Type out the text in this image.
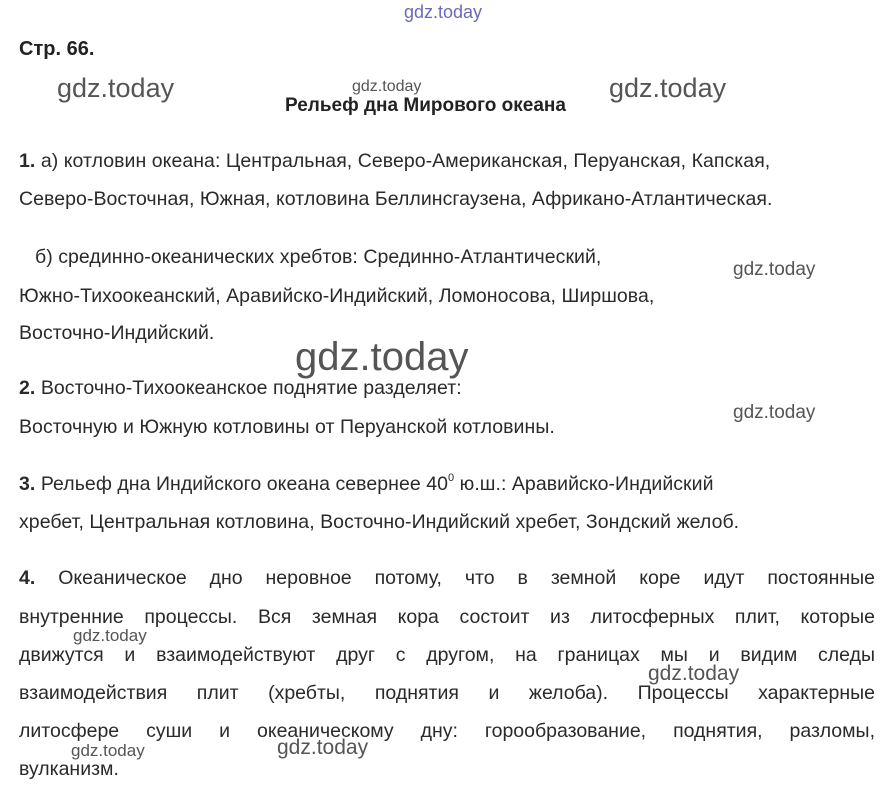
gdz.today
gdz.today	gdz.today	gdz.today
gdz.today
gdz.today
gdz.today
gdz.today
gdz.today
gdz.today	gdz.today
Стр. 66.
Рельеф дна Мирового океана
1. а) котловин океана: Центральная, Северо-Американская, Перуанская, Капская,
Северо-Восточная, Южная, котловина Беллинсгаузена, Африкано-Атлантическая.
б) срединно-океанических хребтов: Срединно-Атлантический,
Южно-Тихоокеанский, Аравийско-Индийский, Ломоносова, Ширшова,
Восточно-Индийский.
2. Восточно-Тихоокеанское поднятие разделяет:
Восточную и Южную котловины от Перуанской котловины.
3. Рельеф дна Индийского океана севернее $40^0$ ю.ш.: Аравийско-Индийский
хребет, Центральная котловина, Восточно-Индийский хребет, Зондский желоб.
4. Океаническое дно неровное потому, что в земной коре идут постоянные
внутренние процессы. Вся земная кора состоит из литосферных плит, которые
движутся и взаимодействуют друг с другом, на границах мы и видим следы
взаимодействия плит (хребты, поднятия и желоба). Процессы характерные
литосфере суши и океаническому дну: горообразование, поднятия, разломы,
вулканизм.
